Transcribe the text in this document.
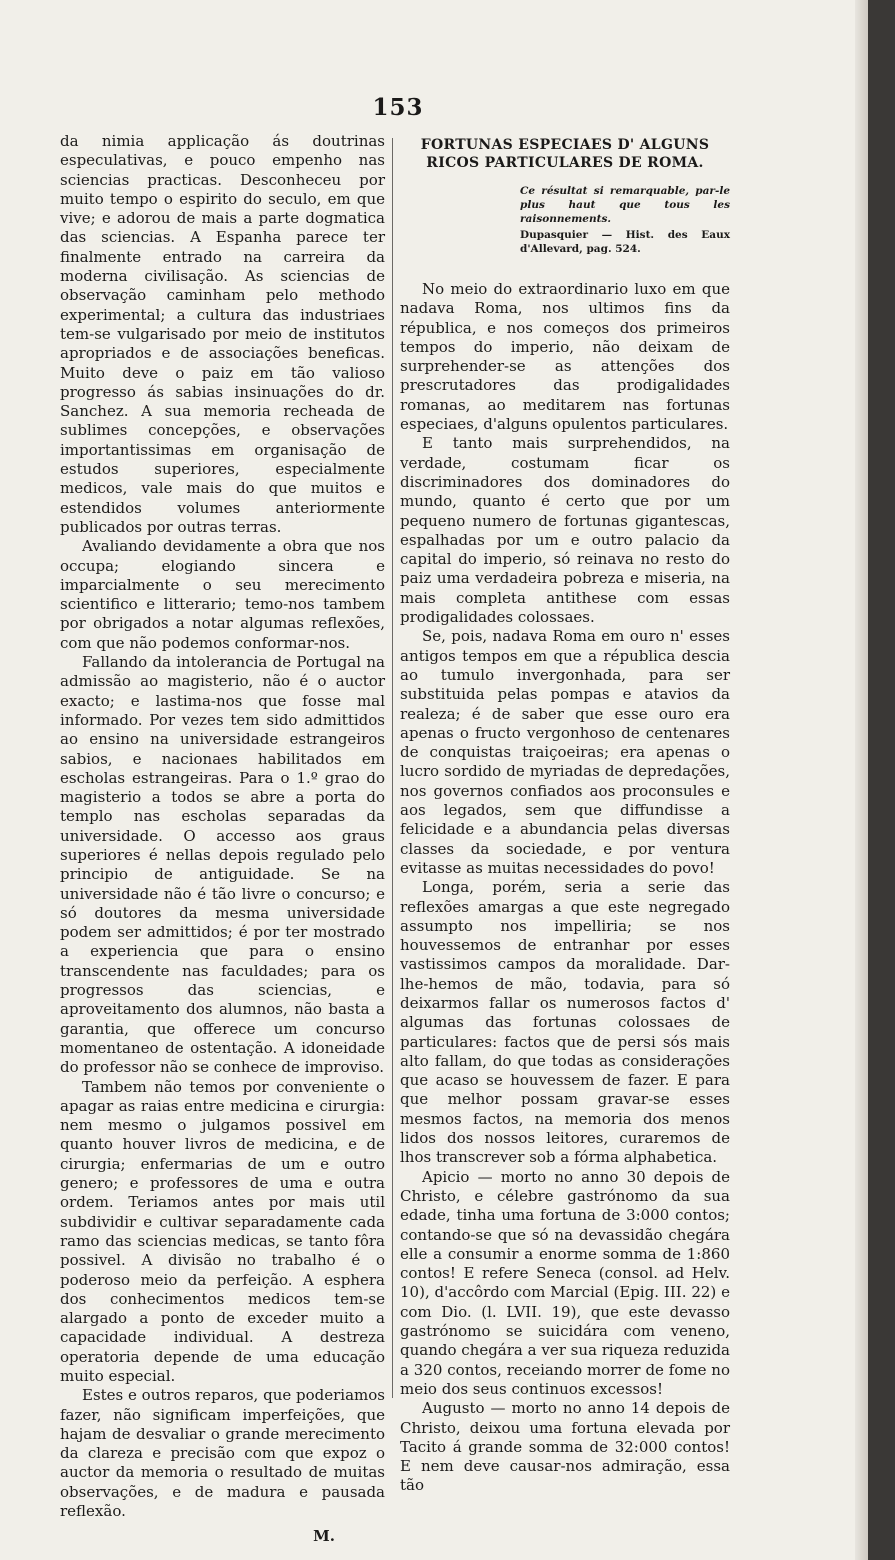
153

da nimia applicação ás doutrinas especulativas, e pouco empenho nas sciencias practicas. Desconheceu por muito tempo o espirito do seculo, em que vive; e adorou de mais a parte dogmatica das sciencias. A Espanha parece ter finalmente entrado na carreira da moderna civilisação. As sciencias de observação caminham pelo methodo experimental; a cultura das industriaes tem-se vulgarisado por meio de institutos apropriados e de associações beneficas. Muito deve o paiz em tão valioso progresso ás sabias insinuações do dr. Sanchez. A sua memoria recheada de sublimes concepções, e observações importantissimas em organisação de estudos superiores, especialmente medicos, vale mais do que muitos e estendidos volumes anteriormente publicados por outras terras.

Avaliando devidamente a obra que nos occupa; elogiando sincera e imparcialmente o seu merecimento scientifico e litterario; temo-nos tambem por obrigados a notar algumas reflexões, com que não podemos conformar-nos.

Fallando da intolerancia de Portugal na admissão ao magisterio, não é o auctor exacto; e lastima-nos que fosse mal informado. Por vezes tem sido admittidos ao ensino na universidade estrangeiros sabios, e nacionaes habilitados em escholas estrangeiras. Para o 1.º grao do magisterio a todos se abre a porta do templo nas escholas separadas da universidade. O accesso aos graus superiores é nellas depois regulado pelo principio de antiguidade. Se na universidade não é tão livre o concurso; e só doutores da mesma universidade podem ser admittidos; é por ter mostrado a experiencia que para o ensino transcendente nas faculdades; para os progressos das sciencias, e aproveitamento dos alumnos, não basta a garantia, que offerece um concurso momentaneo de ostentação. A idoneidade do professor não se conhece de improviso.

Tambem não temos por conveniente o apagar as raias entre medicina e cirurgia: nem mesmo o julgamos possivel em quanto houver livros de medicina, e de cirurgia; enfermarias de um e outro genero; e professores de uma e outra ordem. Teriamos antes por mais util subdividir e cultivar separadamente cada ramo das sciencias medicas, se tanto fôra possivel. A divisão no trabalho é o poderoso meio da perfeição. A esphera dos conhecimentos medicos tem-se alargado a ponto de exceder muito a capacidade individual. A destreza operatoria depende de uma educação muito especial.

Estes e outros reparos, que poderiamos fazer, não significam imperfeições, que hajam de desvaliar o grande merecimento da clareza e precisão com que expoz o auctor da memoria o resultado de muitas observações, e de madura e pausada reflexão.

M.
FORTUNAS ESPECIAES D' ALGUNS RICOS PARTICULARES DE ROMA.
Ce résultat si remarquable, par-le plus haut que tous les raisonnements.
Dupasquier — Hist. des Eaux d'Allevard, pag. 524.

No meio do extraordinario luxo em que nadava Roma, nos ultimos fins da républica, e nos começos dos primeiros tempos do imperio, não deixam de surprehender-se as attenções dos prescrutadores das prodigalidades romanas, ao meditarem nas fortunas especiaes, d'alguns opulentos particulares.

E tanto mais surprehendidos, na verdade, costumam ficar os discriminadores dos dominadores do mundo, quanto é certo que por um pequeno numero de fortunas gigantescas, espalhadas por um e outro palacio da capital do imperio, só reinava no resto do paiz uma verdadeira pobreza e miseria, na mais completa antithese com essas prodigalidades colossaes.

Se, pois, nadava Roma em ouro n' esses antigos tempos em que a républica descia ao tumulo invergonhada, para ser substituida pelas pompas e atavios da realeza; é de saber que esse ouro era apenas o fructo vergonhoso de centenares de conquistas traiçoeiras; era apenas o lucro sordido de myriadas de depredações, nos governos confiados aos proconsules e aos legados, sem que diffundisse a felicidade e a abundancia pelas diversas classes da sociedade, e por ventura evitasse as muitas necessidades do povo!

Longa, porém, seria a serie das reflexões amargas a que este negregado assumpto nos impelliria; se nos houvessemos de entranhar por esses vastissimos campos da moralidade. Dar-lhe-hemos de mão, todavia, para só deixarmos fallar os numerosos factos d' algumas das fortunas colossaes de particulares: factos que de persi sós mais alto fallam, do que todas as considerações que acaso se houvessem de fazer. E para que melhor possam gravar-se esses mesmos factos, na memoria dos menos lidos dos nossos leitores, curaremos de lhos transcrever sob a fórma alphabetica.

Apicio — morto no anno 30 depois de Christo, e célebre gastrónomo da sua edade, tinha uma fortuna de 3:000 contos; contando-se que só na devassidão chegára elle a consumir a enorme somma de 1:860 contos! E refere Seneca (consol. ad Helv. 10), d'accôrdo com Marcial (Epig. III. 22) e com Dio. (l. LVII. 19), que este devasso gastrónomo se suicidára com veneno, quando chegára a ver sua riqueza reduzida a 320 contos, receiando morrer de fome no meio dos seus continuos excessos!

Augusto — morto no anno 14 depois de Christo, deixou uma fortuna elevada por Tacito á grande somma de 32:000 contos! E nem deve causar-nos admiração, essa tão
